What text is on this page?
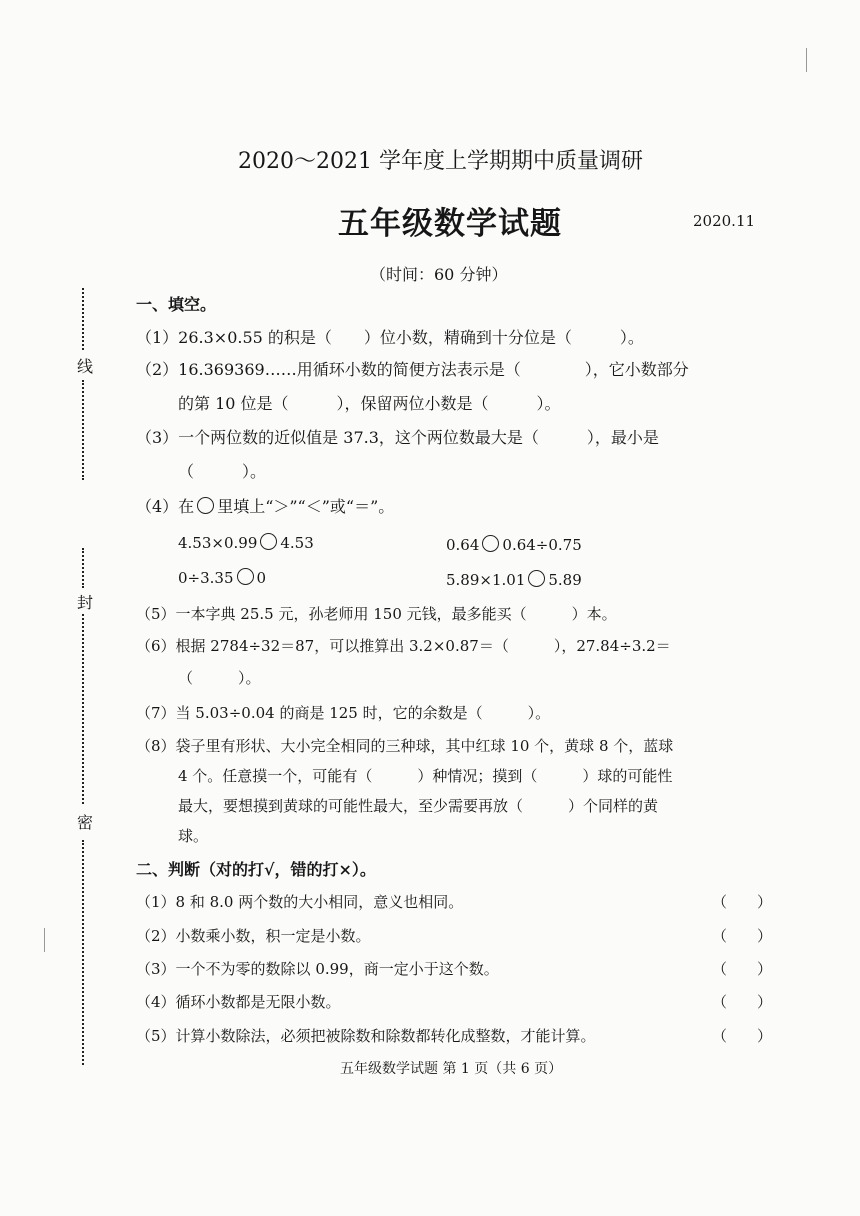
线
封
密
2020～2021 学年度上学期期中质量调研
五年级数学试题	2020.11
（时间：60 分钟）
一、填空。
（1）26.3×0.55 的积是（　　）位小数，精确到十分位是（　　　）。
（2）16.369369……用循环小数的简便方法表示是（　　　　），它小数部分
的第 10 位是（　　　），保留两位小数是（　　　）。
（3）一个两位数的近似值是 37.3，这个两位数最大是（　　　），最小是
（　　　）。
（4）在 里填上“＞”“＜”或“＝”。
4.53×0.99 4.53	0.64 0.64÷0.75
0÷3.35 0	5.89×1.01 5.89
（5）一本字典 25.5 元，孙老师用 150 元钱，最多能买（　　　）本。
（6）根据 2784÷32＝87，可以推算出 3.2×0.87＝（　　　），27.84÷3.2＝
（　　　）。
（7）当 5.03÷0.04 的商是 125 时，它的余数是（　　　）。
（8）袋子里有形状、大小完全相同的三种球，其中红球 10 个，黄球 8 个，蓝球
4 个。任意摸一个，可能有（　　　）种情况；摸到（　　　）球的可能性
最大，要想摸到黄球的可能性最大，至少需要再放（　　　）个同样的黄
球。
二、判断（对的打√，错的打×）。
（1）8 和 8.0 两个数的大小相同，意义也相同。	（　　）
（2）小数乘小数，积一定是小数。	（　　）
（3）一个不为零的数除以 0.99，商一定小于这个数。	（　　）
（4）循环小数都是无限小数。	（　　）
（5）计算小数除法，必须把被除数和除数都转化成整数，才能计算。	（　　）
五年级数学试题 第 1 页（共 6 页）
